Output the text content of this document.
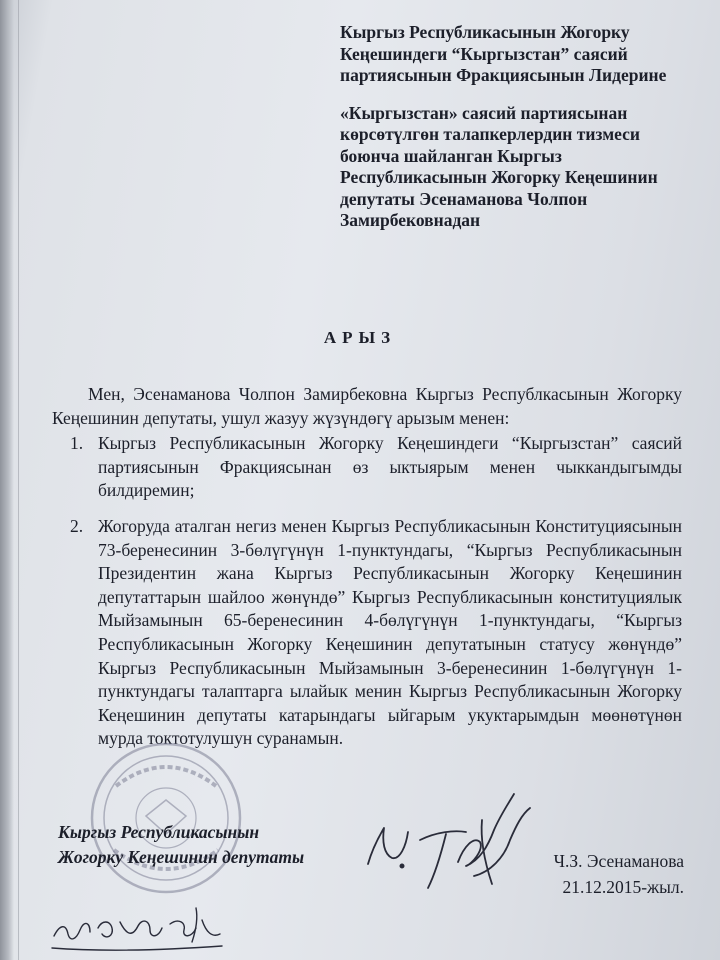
Кыргыз Республикасынын Жогорку Кеңешиндеги “Кыргызстан” саясий партиясынын Фракциясынын Лидерине

«Кыргызстан» саясий партиясынан көрсөтүлгөн талапкерлердин тизмеси боюнча шайланган Кыргыз Республикасынын Жогорку Кеңешинин депутаты Эсенаманова Чолпон Замирбековнадан

АРЫЗ

Мен, Эсенаманова Чолпон Замирбековна Кыргыз Республкасынын Жогорку Кеңешинин депутаты, ушул жазуу жүзүндөгү арызым менен:

1. Кыргыз Республикасынын Жогорку Кеңешиндеги “Кыргызстан” саясий партиясынын Фракциясынан өз ыктыярым менен чыккандыгымды билдиремин;
2. Жогоруда аталган негиз менен Кыргыз Республикасынын Конституциясынын 73-беренесинин 3-бөлүгүнүн 1-пунктундагы, “Кыргыз Республикасынын Президентин жана Кыргыз Республикасынын Жогорку Кеңешинин депутаттарын шайлоо жөнүндө” Кыргыз Республикасынын конституциялык Мыйзамынын 65-беренесинин 4-бөлүгүнүн 1-пунктундагы, “Кыргыз Республикасынын Жогорку Кеңешинин депутатынын статусу жөнүндө” Кыргыз Республикасынын Мыйзамынын 3-беренесинин 1-бөлүгүнүн 1-пунктундагы талаптарга ылайык менин Кыргыз Республикасынын Жогорку Кеңешинин депутаты катарындагы ыйгарым укуктарымдын мөөнөтүнөн мурда токтотулушун суранамын.
Кыргыз Республикасынын
Жогорку Кеңешинин депутаты	Ч.З. Эсенаманова
21.12.2015-жыл.
